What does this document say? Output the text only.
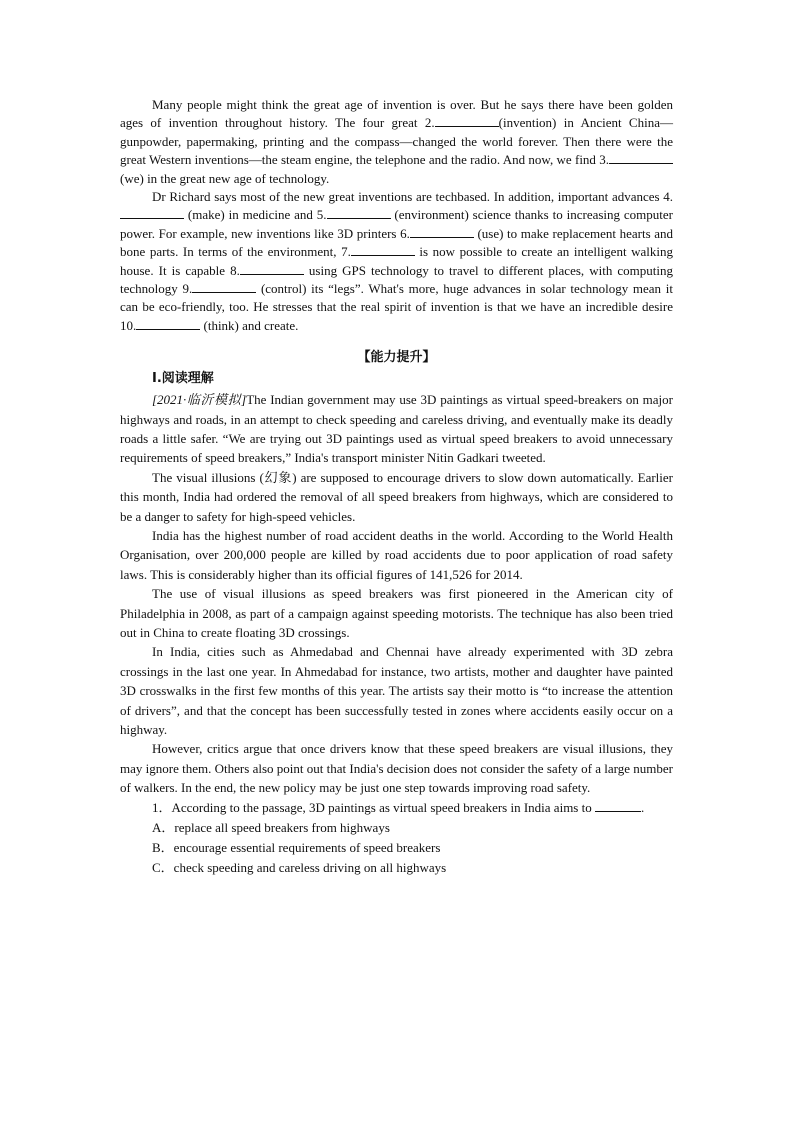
Many people might think the great age of invention is over. But he says there have been golden ages of invention throughout history. The four great 2.	(invention) in Ancient China—gunpowder, papermaking, printing and the compass—changed the world forever. Then there were the great Western inventions—the steam engine, the telephone and the radio. And now, we find 3. (we) in the great new age of technology.

Dr Richard says most of the new great inventions are techbased. In addition, important advances 4. (make) in medicine and 5.	(environment) science thanks to increasing computer power. For example, new inventions like 3D printers 6.	(use) to make replacement hearts and bone parts. In terms of the environment, 7.	is now possible to create an intelligent walking house. It is capable 8.	using GPS technology to travel to different places, with computing technology 9.	(control) its “legs”. What's more, huge advances in solar technology mean it can be eco-friendly, too. He stresses that the real spirit of invention is that we have an incredible desire 10.	(think) and create.

【能力提升】
Ⅰ.阅读理解

[2021·临沂模拟]The Indian government may use 3D paintings as virtual speed-breakers on major highways and roads, in an attempt to check speeding and careless driving, and eventually make its deadly roads a little safer. “We are trying out 3D paintings used as virtual speed breakers to avoid unnecessary requirements of speed breakers,” India's transport minister Nitin Gadkari tweeted.

The visual illusions (幻象) are supposed to encourage drivers to slow down automatically. Earlier this month, India had ordered the removal of all speed breakers from highways, which are considered to be a danger to safety for high-speed vehicles.

India has the highest number of road accident deaths in the world. According to the World Health Organisation, over 200,000 people are killed by road accidents due to poor application of road safety laws. This is considerably higher than its official figures of 141,526 for 2014.

The use of visual illusions as speed breakers was first pioneered in the American city of Philadelphia in 2008, as part of a campaign against speeding motorists. The technique has also been tried out in China to create floating 3D crossings.

In India, cities such as Ahmedabad and Chennai have already experimented with 3D zebra crossings in the last one year. In Ahmedabad for instance, two artists, mother and daughter have painted 3D crosswalks in the first few months of this year. The artists say their motto is “to increase the attention of drivers”, and that the concept has been successfully tested in zones where accidents easily occur on a highway.

However, critics argue that once drivers know that these speed breakers are visual illusions, they may ignore them. Others also point out that India's decision does not consider the safety of a large number of walkers. In the end, the new policy may be just one step towards improving road safety.

1．According to the passage, 3D paintings as virtual speed breakers in India aims to	.

A．replace all speed breakers from highways

B．encourage essential requirements of speed breakers

C．check speeding and careless driving on all highways
